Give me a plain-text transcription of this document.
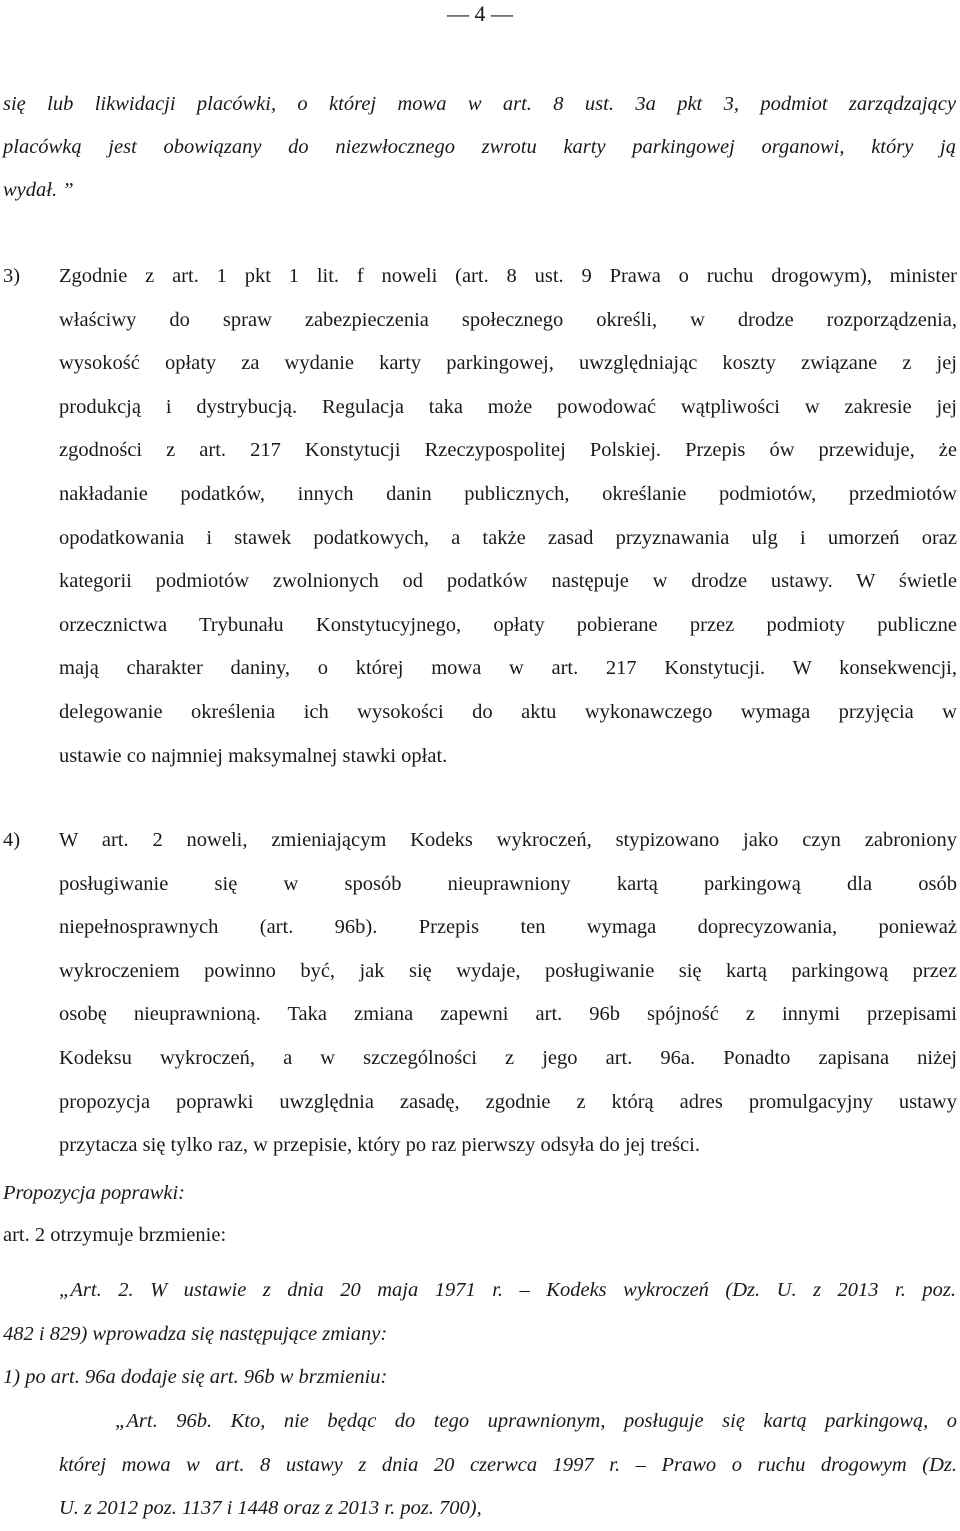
— 4 —
się lub likwidacji placówki, o której mowa w art. 8 ust. 3a pkt 3, podmiot zarządzający
placówką jest obowiązany do niezwłocznego zwrotu karty parkingowej organowi, który ją
wydał. ”
3) Zgodnie z art. 1 pkt 1 lit. f noweli (art. 8 ust. 9 Prawa o ruchu drogowym), minister
właściwy do spraw zabezpieczenia społecznego określi, w drodze rozporządzenia,
wysokość opłaty za wydanie karty parkingowej, uwzględniając koszty związane z jej
produkcją i dystrybucją. Regulacja taka może powodować wątpliwości w zakresie jej
zgodności z art. 217 Konstytucji Rzeczypospolitej Polskiej. Przepis ów przewiduje, że
nakładanie podatków, innych danin publicznych, określanie podmiotów, przedmiotów
opodatkowania i stawek podatkowych, a także zasad przyznawania ulg i umorzeń oraz
kategorii podmiotów zwolnionych od podatków następuje w drodze ustawy. W świetle
orzecznictwa Trybunału Konstytucyjnego, opłaty pobierane przez podmioty publiczne
mają charakter daniny, o której mowa w art. 217 Konstytucji. W konsekwencji,
delegowanie określenia ich wysokości do aktu wykonawczego wymaga przyjęcia w
ustawie co najmniej maksymalnej stawki opłat.
4) W art. 2 noweli, zmieniającym Kodeks wykroczeń, stypizowano jako czyn zabroniony
posługiwanie się w sposób nieuprawniony kartą parkingową dla osób
niepełnosprawnych (art. 96b). Przepis ten wymaga doprecyzowania, ponieważ
wykroczeniem powinno być, jak się wydaje, posługiwanie się kartą parkingową przez
osobę nieuprawnioną. Taka zmiana zapewni art. 96b spójność z innymi przepisami
Kodeksu wykroczeń, a w szczególności z jego art. 96a. Ponadto zapisana niżej
propozycja poprawki uwzględnia zasadę, zgodnie z którą adres promulgacyjny ustawy
przytacza się tylko raz, w przepisie, który po raz pierwszy odsyła do jej treści.
Propozycja poprawki:
art. 2 otrzymuje brzmienie:
„Art. 2. W ustawie z dnia 20 maja 1971 r. – Kodeks wykroczeń (Dz. U. z 2013 r. poz.
482 i 829) wprowadza się następujące zmiany:
1) po art. 96a dodaje się art. 96b w brzmieniu:
„Art. 96b. Kto, nie będąc do tego uprawnionym, posługuje się kartą parkingową, o
której mowa w art. 8 ustawy z dnia 20 czerwca 1997 r. – Prawo o ruchu drogowym (Dz.
U. z 2012 poz. 1137 i 1448 oraz z 2013 r. poz. 700),
